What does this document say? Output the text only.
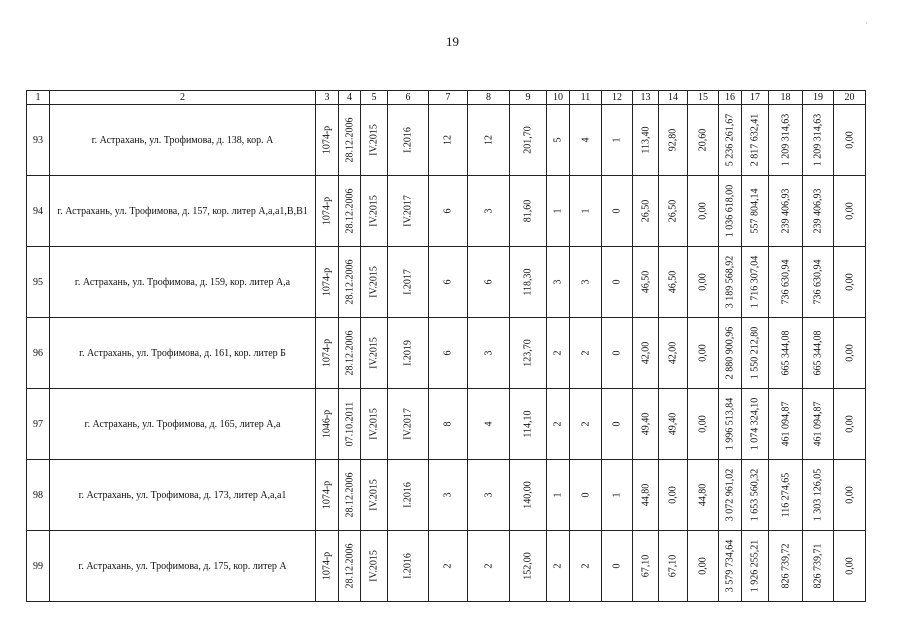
19
·
1	2	3	4	5	6	7	8	9	10	11	12	13	14	15	16	17	18	19	20
93	г. Астрахань, ул. Трофимова, д. 138, кор. А	1074-р	28.12.2006	IV.2015	I.2016	12	12	201,70	5	4	1	113,40	92,80	20,60	5 236 261,67	2 817 632,41	1 209 314,63	1 209 314,63	0,00

94	г. Астрахань, ул. Трофимова, д. 157, кор. литер А,а,а1,В,В1	1074-р	28.12.2006	IV.2015	IV.2017	6	3	81,60	1	1	0	26,50	26,50	0,00	1 036 618,00	557 804,14	239 406,93	239 406,93	0,00

95	г. Астрахань, ул. Трофимова, д. 159, кор. литер А,а	1074-р	28.12.2006	IV.2015	I.2017	6	6	118,30	3	3	0	46,50	46,50	0,00	3 189 568,92	1 716 307,04	736 630,94	736 630,94	0,00

96	г. Астрахань, ул. Трофимова, д. 161, кор. литер Б	1074-р	28.12.2006	IV.2015	I.2019	6	3	123,70	2	2	0	42,00	42,00	0,00	2 880 900,96	1 550 212,80	665 344,08	665 344,08	0,00

97	г. Астрахань, ул. Трофимова, д. 165, литер А,а	1046-р	07.10.2011	IV.2015	IV.2017	8	4	114,10	2	2	0	49,40	49,40	0,00	1 996 513,84	1 074 324,10	461 094,87	461 094,87	0,00

98	г. Астрахань, ул. Трофимова, д. 173, литер А,а,а1	1074-р	28.12.2006	IV.2015	I.2016	3	3	140,00	1	0	1	44,80	0,00	44,80	3 072 961,02	1 653 560,32	116 274,65	1 303 126,05	0,00

99	г. Астрахань, ул. Трофимова, д. 175, кор. литер А	1074-р	28.12.2006	IV.2015	I.2016	2	2	152,00	2	2	0	67,10	67,10	0,00	3 579 734,64	1 926 255,21	826 739,72	826 739,71	0,00
